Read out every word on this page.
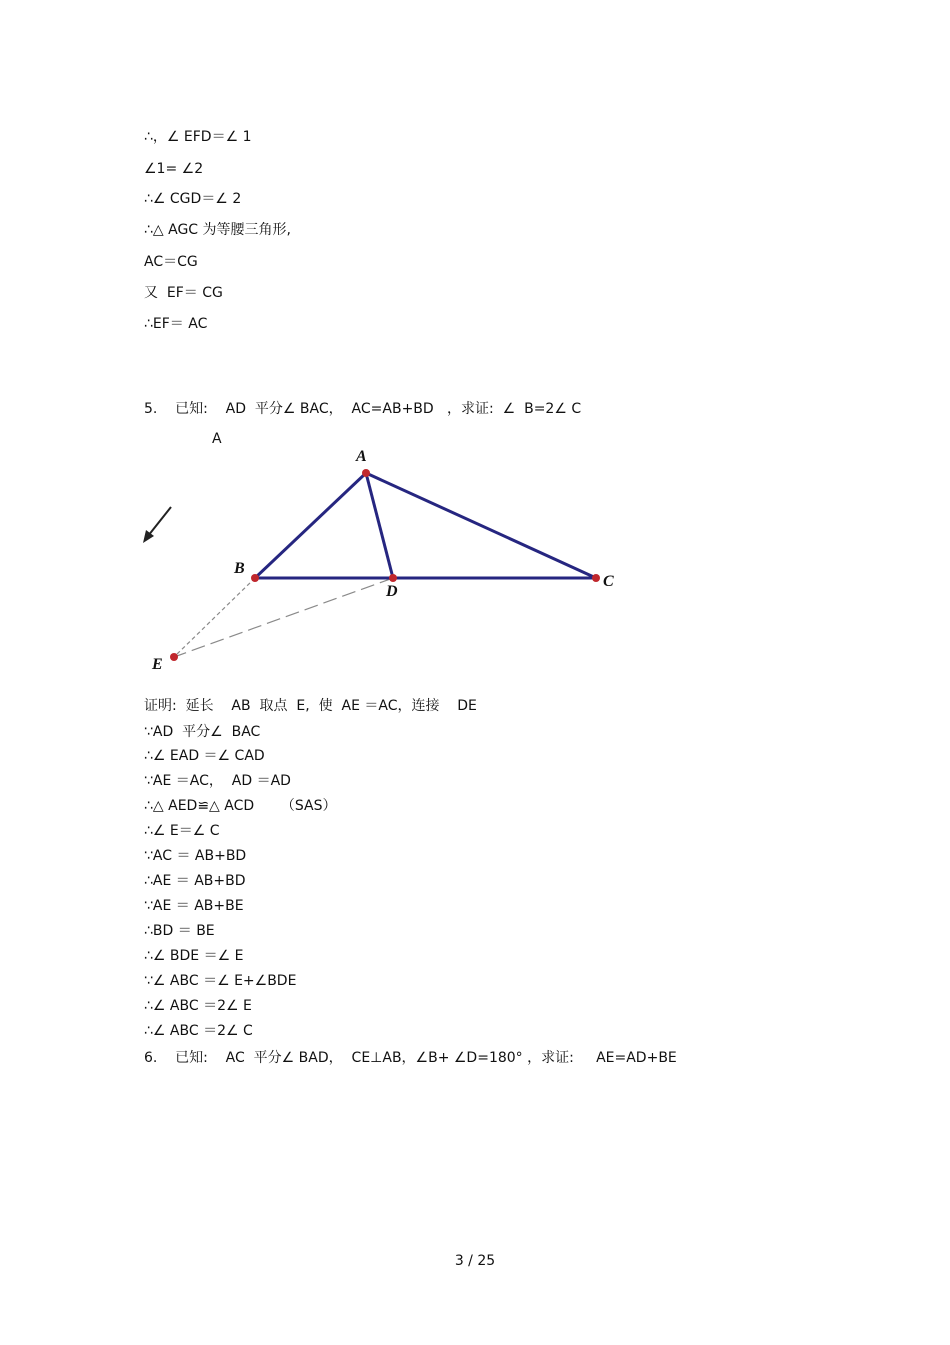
∴，∠ EFD＝∠ 1
∠1= ∠2
∴∠ CGD＝∠ 2
∴△ AGC 为等腰三角形,
AC＝CG
又  EF＝ CG
∴EF＝ AC
5.    已知:    AD  平分∠ BAC，  AC=AB+BD   ，求证:  ∠  B=2∠ C
A
A
B
C
D
E
证明:  延长    AB  取点  E,  使  AE ＝AC，连接    DE
∵AD  平分∠  BAC
∴∠ EAD ＝∠ CAD
∵AE ＝AC，  AD ＝AD
∴△ AED≌△ ACD      （SAS）
∴∠ E＝∠ C
∵AC ＝ AB+BD
∴AE ＝ AB+BD
∵AE ＝ AB+BE
∴BD ＝ BE
∴∠ BDE ＝∠ E
∵∠ ABC ＝∠ E+∠BDE
∴∠ ABC ＝2∠ E
∴∠ ABC ＝2∠ C
6.    已知:    AC  平分∠ BAD，  CE⊥AB，∠B+ ∠D=180° ，求证:     AE=AD+BE
3 / 25
